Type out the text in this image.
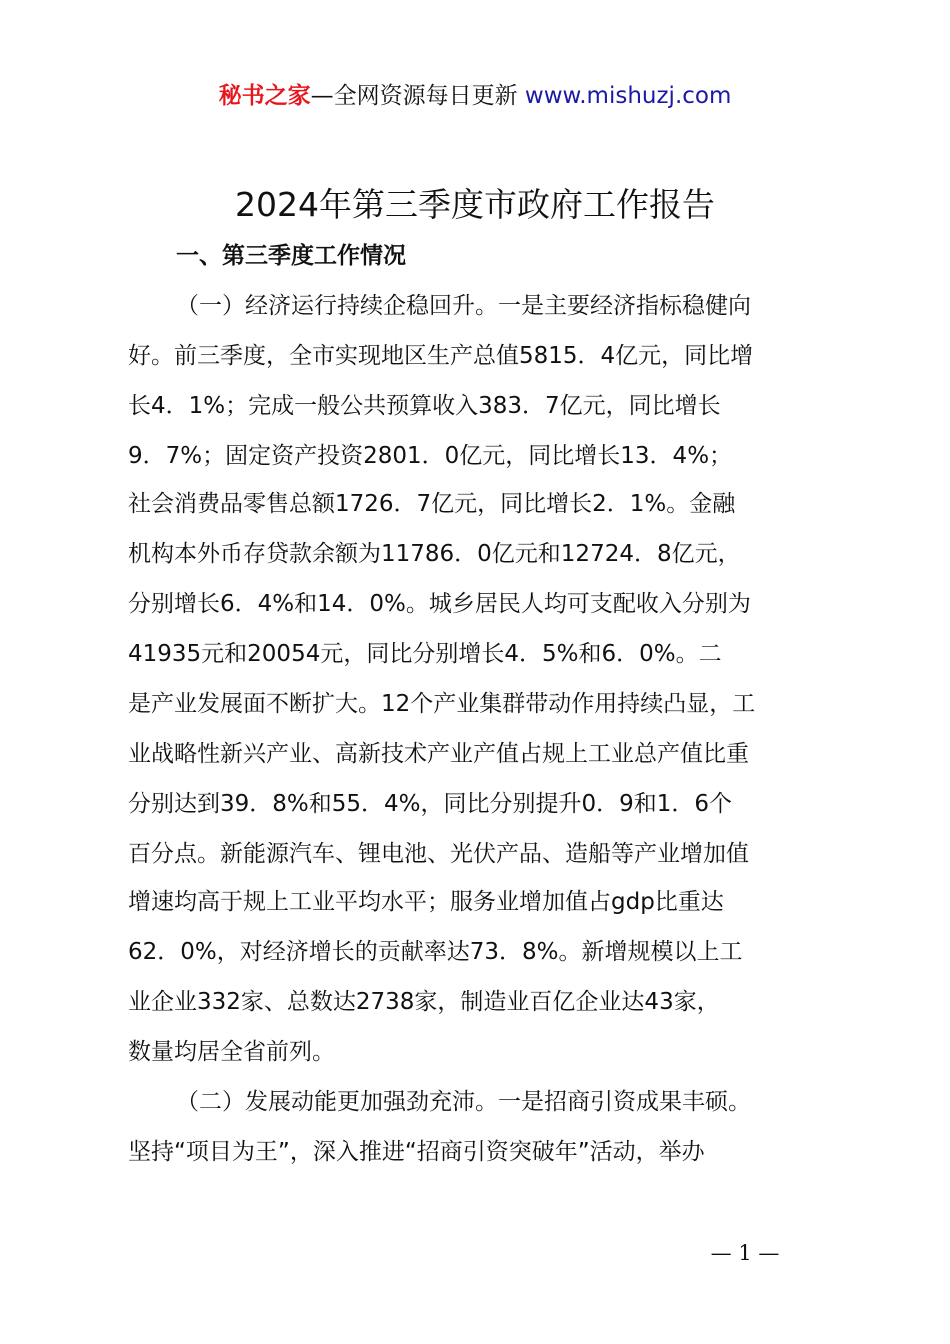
秘书之家—全网资源每日更新 www.mishuzj.com
2024年第三季度市政府工作报告
一、第三季度工作情况
（一）经济运行持续企稳回升。一是主要经济指标稳健向
好。前三季度，全市实现地区生产总值5815．4亿元，同比增
长4．1%；完成一般公共预算收入383．7亿元，同比增长
9．7%；固定资产投资2801．0亿元，同比增长13．4%；
社会消费品零售总额1726．7亿元，同比增长2．1%。金融
机构本外币存贷款余额为11786．0亿元和12724．8亿元，
分别增长6．4%和14．0%。城乡居民人均可支配收入分别为
41935元和20054元，同比分别增长4．5%和6．0%。二
是产业发展面不断扩大。12个产业集群带动作用持续凸显，工
业战略性新兴产业、高新技术产业产值占规上工业总产值比重
分别达到39．8%和55．4%，同比分别提升0．9和1．6个
百分点。新能源汽车、锂电池、光伏产品、造船等产业增加值
增速均高于规上工业平均水平；服务业增加值占gdp比重达
62．0%，对经济增长的贡献率达73．8%。新增规模以上工
业企业332家、总数达2738家，制造业百亿企业达43家，
数量均居全省前列。
（二）发展动能更加强劲充沛。一是招商引资成果丰硕。
坚持“项目为王”，深入推进“招商引资突破年”活动，举办
— 1 —
